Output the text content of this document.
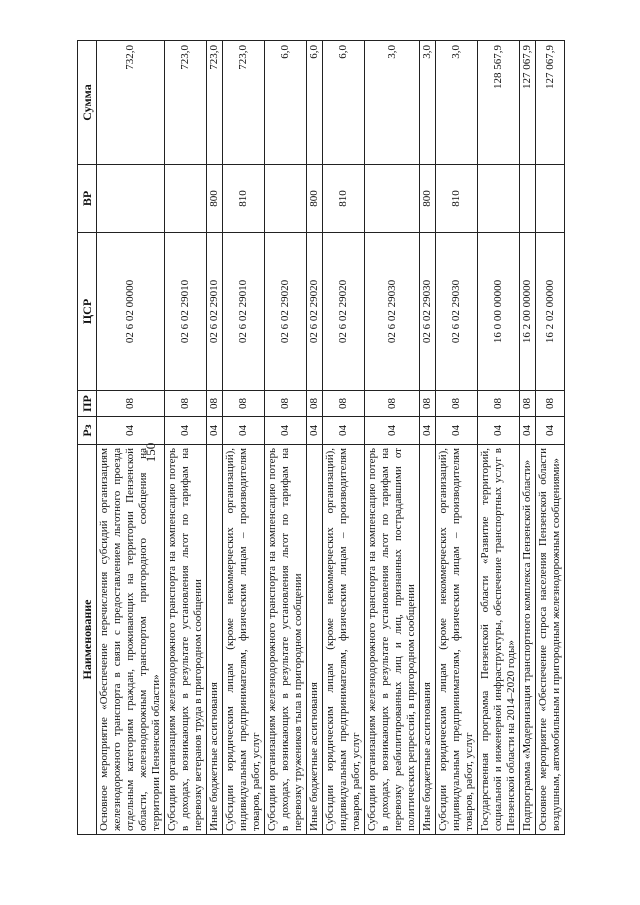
150
Наименование	Рз	ПР	ЦСР	ВР	Сумма
Основное мероприятие «Обеспечение перечисления субсидий организациям железнодорожного транспорта в связи с предоставлением льготного проезда отдельным категориям граждан, проживающих на территории Пензенской области, железнодорожным транспортом пригородного сообщения на территории Пензенской области»	04	08	02 6 02 00000		732,0
Субсидии организациям железнодорожного транспорта на компенсацию потерь в доходах, возникающих в результате установления льгот по тарифам на перевозку ветеранов труда в пригородном сообщении	04	08	02 6 02 29010		723,0
Иные бюджетные ассигнования	04	08	02 6 02 29010	800	723,0
Субсидии юридическим лицам (кроме некоммерческих организаций), индивидуальным предпринимателям, физическим лицам – производителям товаров, работ, услуг	04	08	02 6 02 29010	810	723,0
Субсидии организациям железнодорожного транспорта на компенсацию потерь в доходах, возникающих в результате установления льгот по тарифам на перевозку тружеников тыла в пригородном сообщении	04	08	02 6 02 29020		6,0
Иные бюджетные ассигнования	04	08	02 6 02 29020	800	6,0
Субсидии юридическим лицам (кроме некоммерческих организаций), индивидуальным предпринимателям, физическим лицам – производителям товаров, работ, услуг	04	08	02 6 02 29020	810	6,0
Субсидии организациям железнодорожного транспорта на компенсацию потерь в доходах, возникающих в результате установления льгот по тарифам на перевозку реабилитированных лиц и лиц, признанных пострадавшими от политических репрессий, в пригородном сообщении	04	08	02 6 02 29030		3,0
Иные бюджетные ассигнования	04	08	02 6 02 29030	800	3,0
Субсидии юридическим лицам (кроме некоммерческих организаций), индивидуальным предпринимателям, физическим лицам – производителям товаров, работ, услуг	04	08	02 6 02 29030	810	3,0
Государственная программа Пензенской области «Развитие территорий, социальной и инженерной инфраструктуры, обеспечение транспортных услуг в Пензенской области на 2014–2020 годы»	04	08	16 0 00 00000		128 567,9
Подпрограмма «Модернизация транспортного комплекса Пензенской области»	04	08	16 2 00 00000		127 067,9
Основное мероприятие «Обеспечение спроса населения Пензенской области воздушным, автомобильным и пригородным железнодорожным сообщениями»	04	08	16 2 02 00000		127 067,9
